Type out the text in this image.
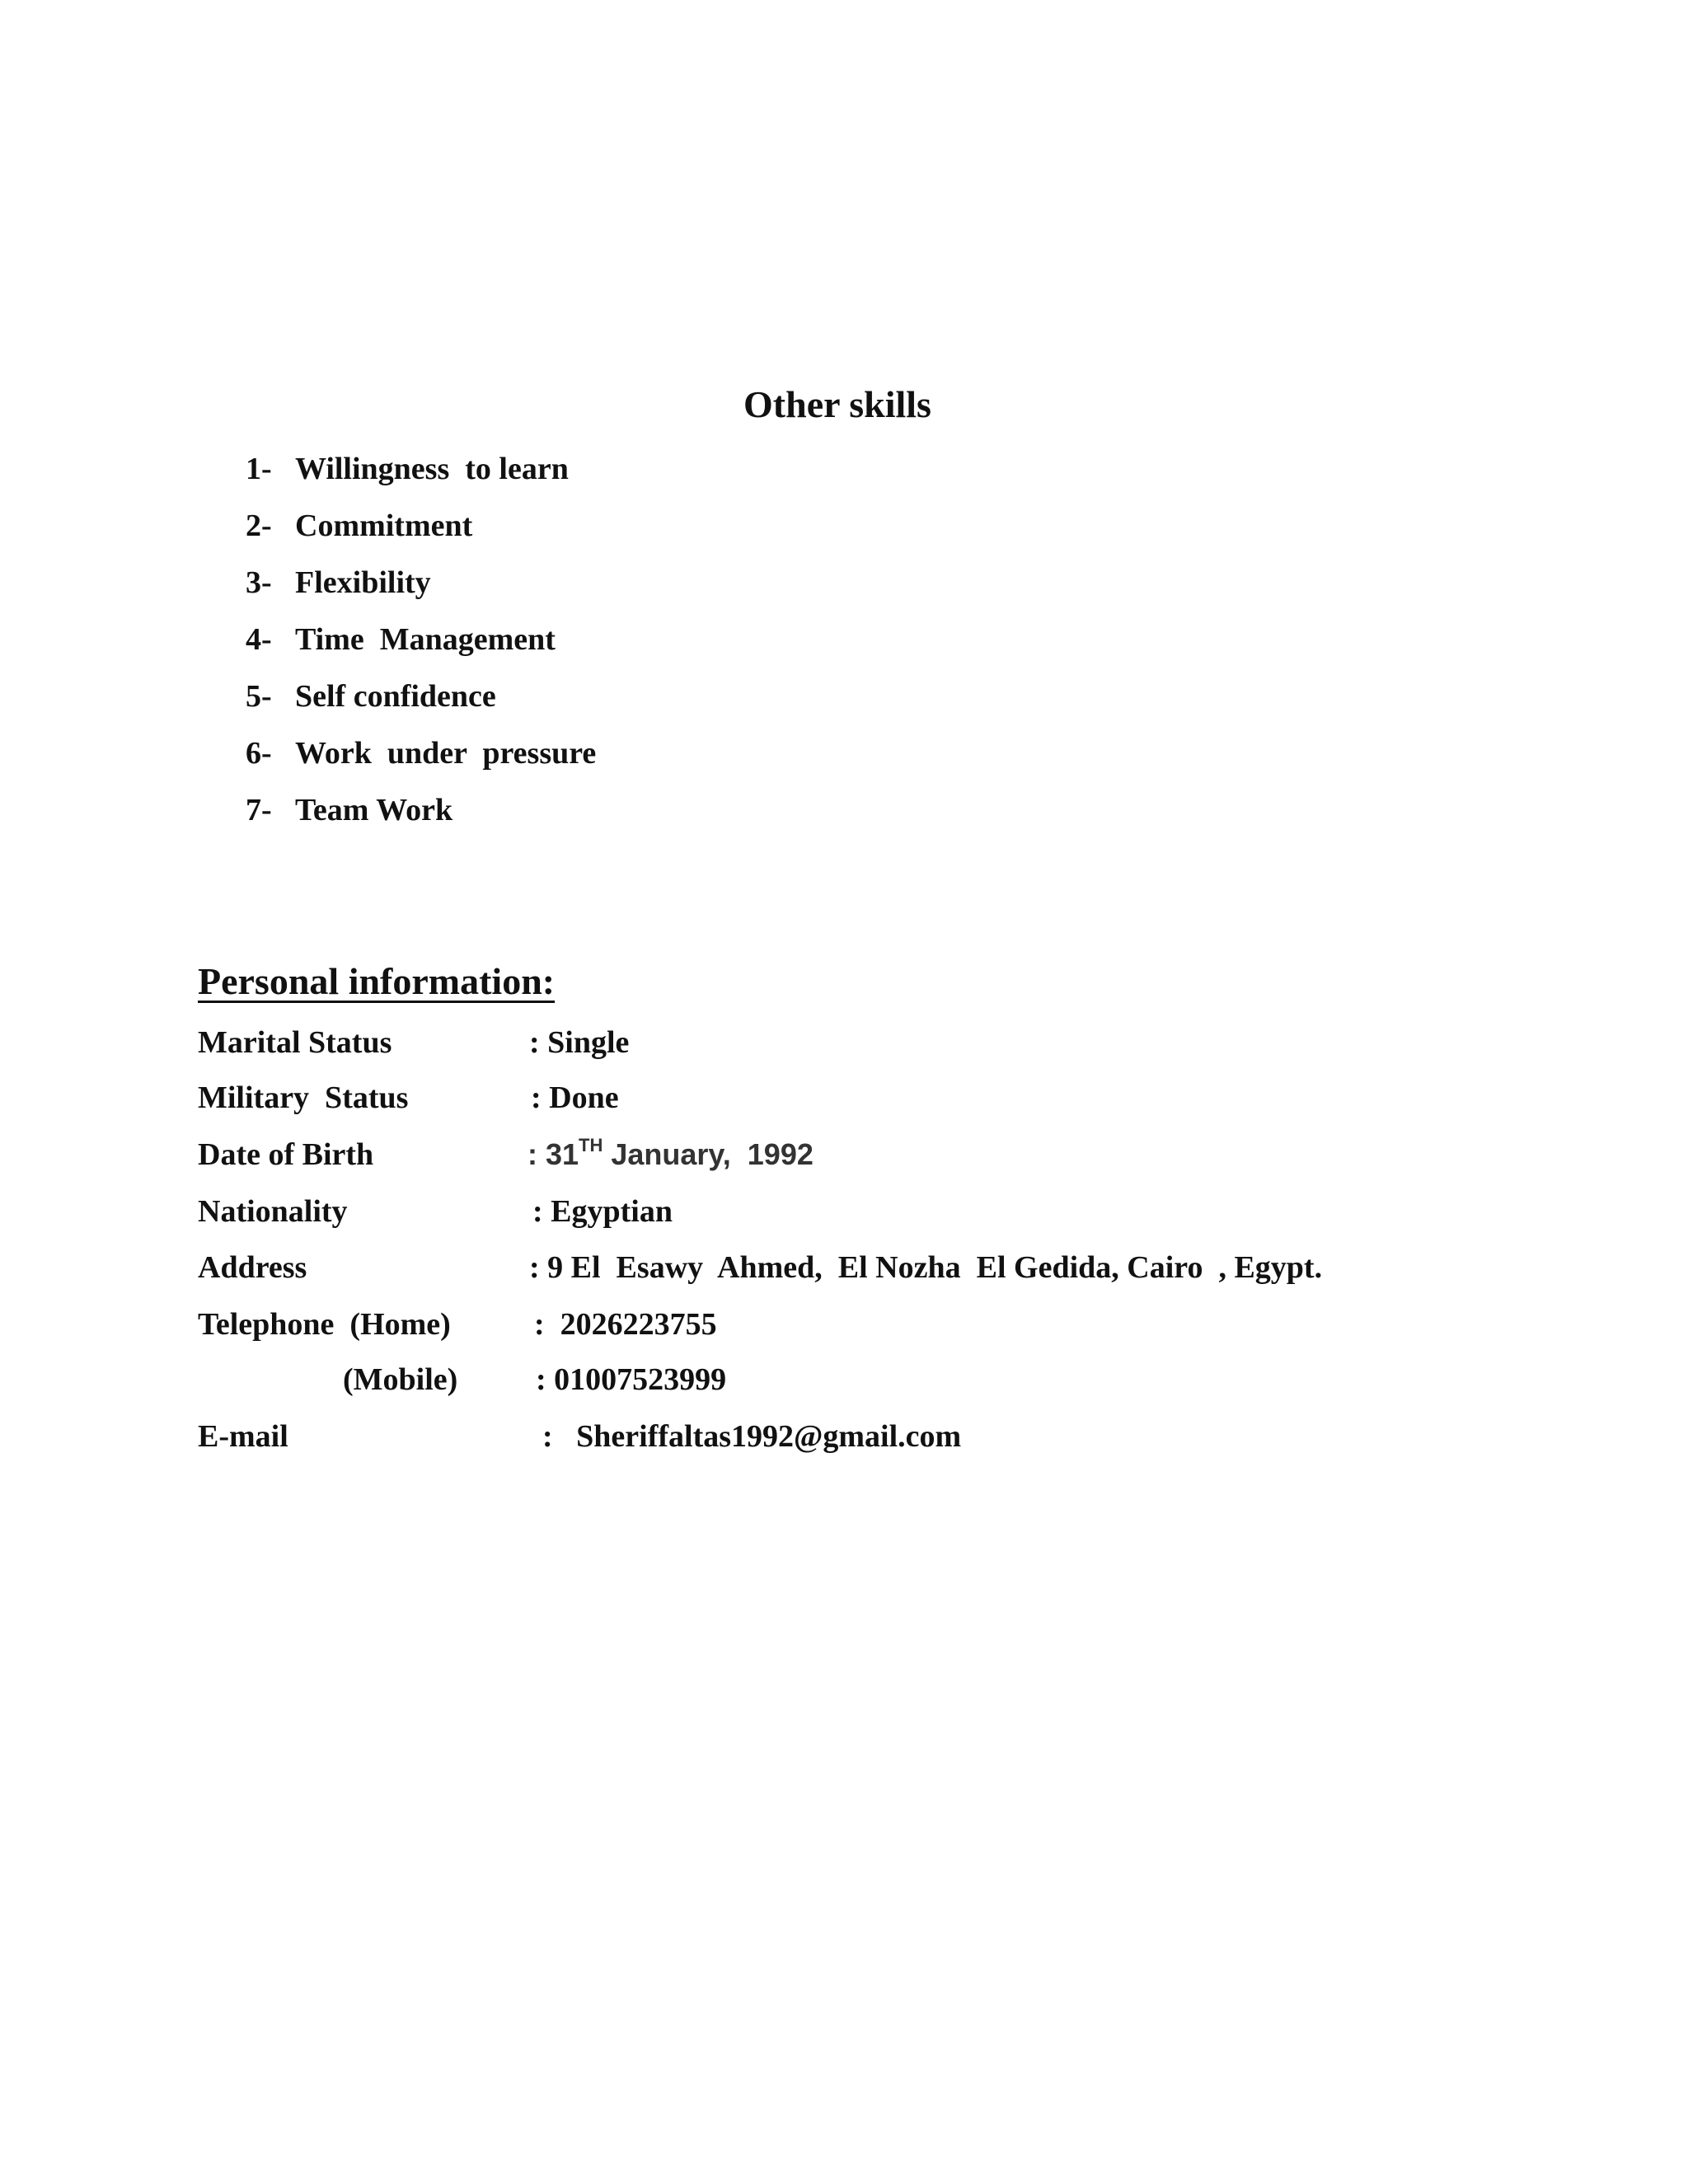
Other skills
1- Willingness  to learn
2- Commitment
3- Flexibility
4- Time  Management
5- Self confidence
6- Work  under  pressure
7- Team Work
Personal information:
Marital Status	: Single
Military  Status	: Done
Date of Birth	: 31TH January,  1992
Nationality	: Egyptian
Address	: 9 El  Esawy  Ahmed,  El Nozha  El Gedida, Cairo  , Egypt.
Telephone  (Home)	:  2026223755
(Mobile) : 01007523999
E-mail	:   Sheriffaltas1992@gmail.com
